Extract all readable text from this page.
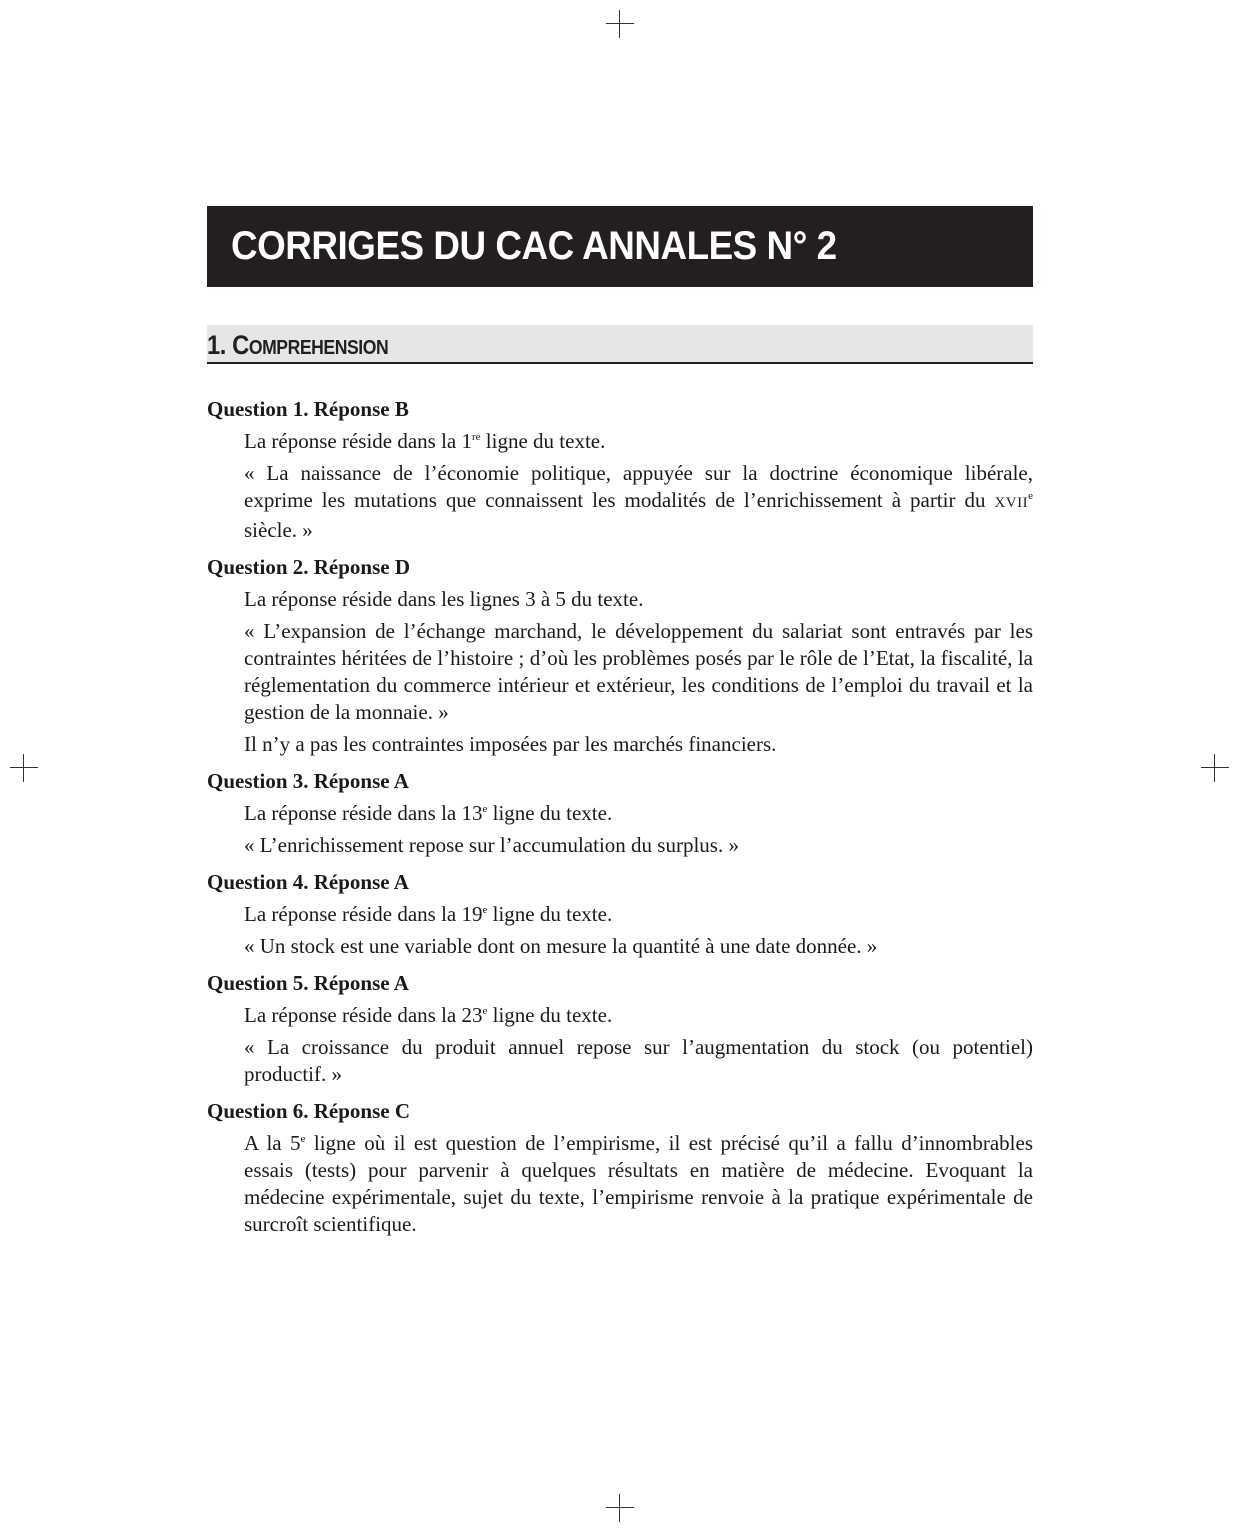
CORRIGES DU CAC ANNALES N° 2
1. COMPREHENSION

Question 1. Réponse B

La réponse réside dans la 1re ligne du texte.

« La naissance de l’économie politique, appuyée sur la doctrine économique libérale, exprime les mutations que connaissent les modalités de l’enrichissement à partir du XVIIe siècle. »

Question 2. Réponse D

La réponse réside dans les lignes 3 à 5 du texte.

« L’expansion de l’échange marchand, le développement du salariat sont entravés par les contraintes héritées de l’histoire ; d’où les problèmes posés par le rôle de l’Etat, la fiscalité, la réglementation du commerce intérieur et extérieur, les conditions de l’emploi du travail et la gestion de la monnaie. »

Il n’y a pas les contraintes imposées par les marchés financiers.

Question 3. Réponse A

La réponse réside dans la 13e ligne du texte.

« L’enrichissement repose sur l’accumulation du surplus. »

Question 4. Réponse A

La réponse réside dans la 19e ligne du texte.

« Un stock est une variable dont on mesure la quantité à une date donnée. »

Question 5. Réponse A

La réponse réside dans la 23e ligne du texte.

« La croissance du produit annuel repose sur l’augmentation du stock (ou potentiel) productif. »

Question 6. Réponse C

A la 5e ligne où il est question de l’empirisme, il est précisé qu’il a fallu d’innombrables essais (tests) pour parvenir à quelques résultats en matière de médecine. Evoquant la médecine expérimentale, sujet du texte, l’empirisme renvoie à la pratique expérimentale de surcroît scientifique.
